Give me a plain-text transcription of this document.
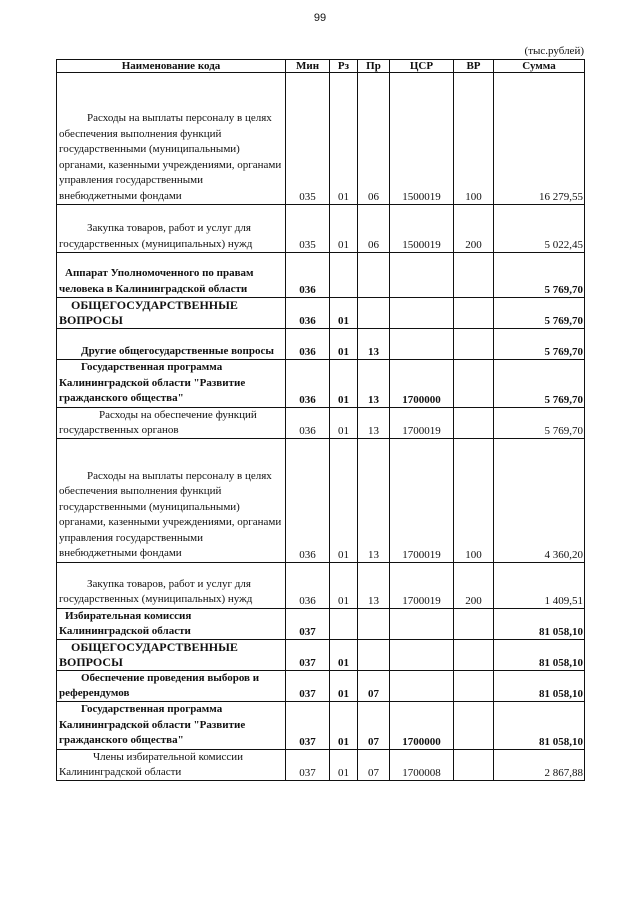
99
(тыс.рублей)
Наименование кода	Мин	Рз	Пр	ЦСР	ВР	Сумма

Расходы на выплаты персоналу в целях обеспечения выполнения функций государственными (муниципальными) органами, казенными учреждениями, органами управления государственными внебюджетными фондами	035	01	06	1500019	100	16 279,55

Закупка товаров, работ и услуг для государственных (муниципальных) нужд	035	01	06	1500019	200	5 022,45

Аппарат Уполномоченного по правам человека в Калининградской области	036					5 769,70

ОБЩЕГОСУДАРСТВЕННЫЕ ВОПРОСЫ	036	01				5 769,70

Другие общегосударственные вопросы	036	01	13			5 769,70

Государственная программа Калининградской области "Развитие гражданского общества"	036	01	13	1700000		5 769,70

Расходы на обеспечение функций государственных органов	036	01	13	1700019		5 769,70

Расходы на выплаты персоналу в целях обеспечения выполнения функций государственными (муниципальными) органами, казенными учреждениями, органами управления государственными внебюджетными фондами	036	01	13	1700019	100	4 360,20

Закупка товаров, работ и услуг для государственных (муниципальных) нужд	036	01	13	1700019	200	1 409,51

Избирательная комиссия Калининградской области	037					81 058,10

ОБЩЕГОСУДАРСТВЕННЫЕ ВОПРОСЫ	037	01				81 058,10

Обеспечение проведения выборов и референдумов	037	01	07			81 058,10

Государственная программа Калининградской области "Развитие гражданского общества"	037	01	07	1700000		81 058,10

Члены избирательной комиссии Калининградской области	037	01	07	1700008		2 867,88
